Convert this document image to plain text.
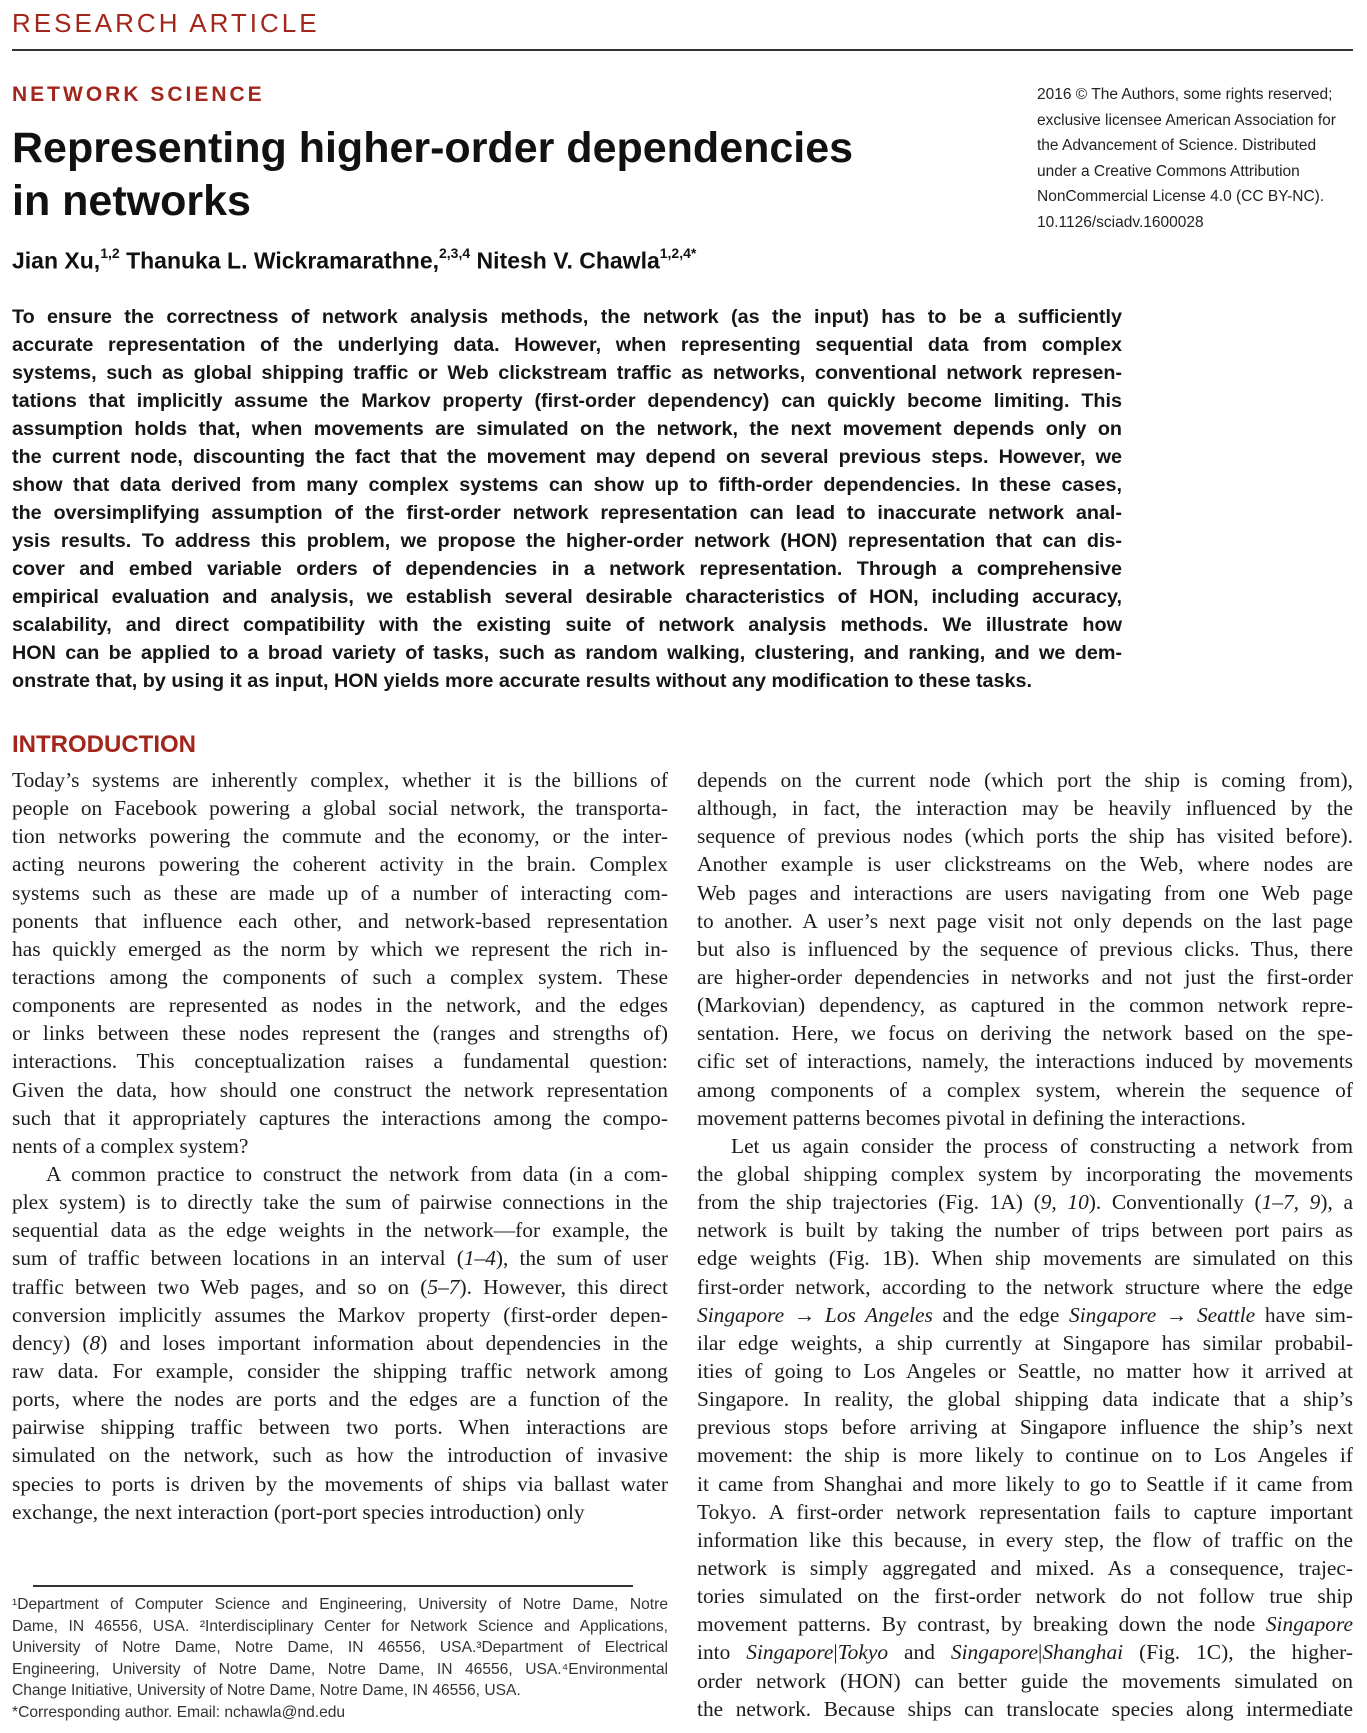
RESEARCH ARTICLE
NETWORK SCIENCE
Representing higher-order dependencies
in networks
2016 © The Authors, some rights reserved;
exclusive licensee American Association for
the Advancement of Science. Distributed
under a Creative Commons Attribution
NonCommercial License 4.0 (CC BY-NC).
10.1126/sciadv.1600028
Jian Xu,$^{1,2}$ Thanuka L. Wickramarathne,$^{2,3,4}$ Nitesh V. Chawla$^{1,2,4*}$
To ensure the correctness of network analysis methods, the network (as the input) has to be a sufficiently
accurate representation of the underlying data. However, when representing sequential data from complex
systems, such as global shipping traffic or Web clickstream traffic as networks, conventional network represen-
tations that implicitly assume the Markov property (first-order dependency) can quickly become limiting. This
assumption holds that, when movements are simulated on the network, the next movement depends only on
the current node, discounting the fact that the movement may depend on several previous steps. However, we
show that data derived from many complex systems can show up to fifth-order dependencies. In these cases,
the oversimplifying assumption of the first-order network representation can lead to inaccurate network anal-
ysis results. To address this problem, we propose the higher-order network (HON) representation that can dis-
cover and embed variable orders of dependencies in a network representation. Through a comprehensive
empirical evaluation and analysis, we establish several desirable characteristics of HON, including accuracy,
scalability, and direct compatibility with the existing suite of network analysis methods. We illustrate how
HON can be applied to a broad variety of tasks, such as random walking, clustering, and ranking, and we dem-
onstrate that, by using it as input, HON yields more accurate results without any modification to these tasks.
INTRODUCTION
Today’s systems are inherently complex, whether it is the billions of
people on Facebook powering a global social network, the transporta-
tion networks powering the commute and the economy, or the inter-
acting neurons powering the coherent activity in the brain. Complex
systems such as these are made up of a number of interacting com-
ponents that influence each other, and network-based representation
has quickly emerged as the norm by which we represent the rich in-
teractions among the components of such a complex system. These
components are represented as nodes in the network, and the edges
or links between these nodes represent the (ranges and strengths of)
interactions. This conceptualization raises a fundamental question:
Given the data, how should one construct the network representation
such that it appropriately captures the interactions among the compo-
nents of a complex system?
A common practice to construct the network from data (in a com-
plex system) is to directly take the sum of pairwise connections in the
sequential data as the edge weights in the network—for example, the
sum of traffic between locations in an interval (1–4), the sum of user
traffic between two Web pages, and so on (5–7). However, this direct
conversion implicitly assumes the Markov property (first-order depen-
dency) (8) and loses important information about dependencies in the
raw data. For example, consider the shipping traffic network among
ports, where the nodes are ports and the edges are a function of the
pairwise shipping traffic between two ports. When interactions are
simulated on the network, such as how the introduction of invasive
species to ports is driven by the movements of ships via ballast water
exchange, the next interaction (port-port species introduction) only
depends on the current node (which port the ship is coming from),
although, in fact, the interaction may be heavily influenced by the
sequence of previous nodes (which ports the ship has visited before).
Another example is user clickstreams on the Web, where nodes are
Web pages and interactions are users navigating from one Web page
to another. A user’s next page visit not only depends on the last page
but also is influenced by the sequence of previous clicks. Thus, there
are higher-order dependencies in networks and not just the first-order
(Markovian) dependency, as captured in the common network repre-
sentation. Here, we focus on deriving the network based on the spe-
cific set of interactions, namely, the interactions induced by movements
among components of a complex system, wherein the sequence of
movement patterns becomes pivotal in defining the interactions.
Let us again consider the process of constructing a network from
the global shipping complex system by incorporating the movements
from the ship trajectories (Fig. 1A) (9, 10). Conventionally (1–7, 9), a
network is built by taking the number of trips between port pairs as
edge weights (Fig. 1B). When ship movements are simulated on this
first-order network, according to the network structure where the edge
Singapore → Los Angeles and the edge Singapore → Seattle have sim-
ilar edge weights, a ship currently at Singapore has similar probabil-
ities of going to Los Angeles or Seattle, no matter how it arrived at
Singapore. In reality, the global shipping data indicate that a ship’s
previous stops before arriving at Singapore influence the ship’s next
movement: the ship is more likely to continue on to Los Angeles if
it came from Shanghai and more likely to go to Seattle if it came from
Tokyo. A first-order network representation fails to capture important
information like this because, in every step, the flow of traffic on the
network is simply aggregated and mixed. As a consequence, trajec-
tories simulated on the first-order network do not follow true ship
movement patterns. By contrast, by breaking down the node Singapore
into Singapore|Tokyo and Singapore|Shanghai (Fig. 1C), the higher-
order network (HON) can better guide the movements simulated on
the network. Because ships can translocate species along intermediate
¹Department of Computer Science and Engineering, University of Notre Dame, Notre
Dame, IN 46556, USA. ²Interdisciplinary Center for Network Science and Applications,
University of Notre Dame, Notre Dame, IN 46556, USA.³Department of Electrical
Engineering, University of Notre Dame, Notre Dame, IN 46556, USA.⁴Environmental
Change Initiative, University of Notre Dame, Notre Dame, IN 46556, USA.
*Corresponding author. Email: nchawla@nd.edu
